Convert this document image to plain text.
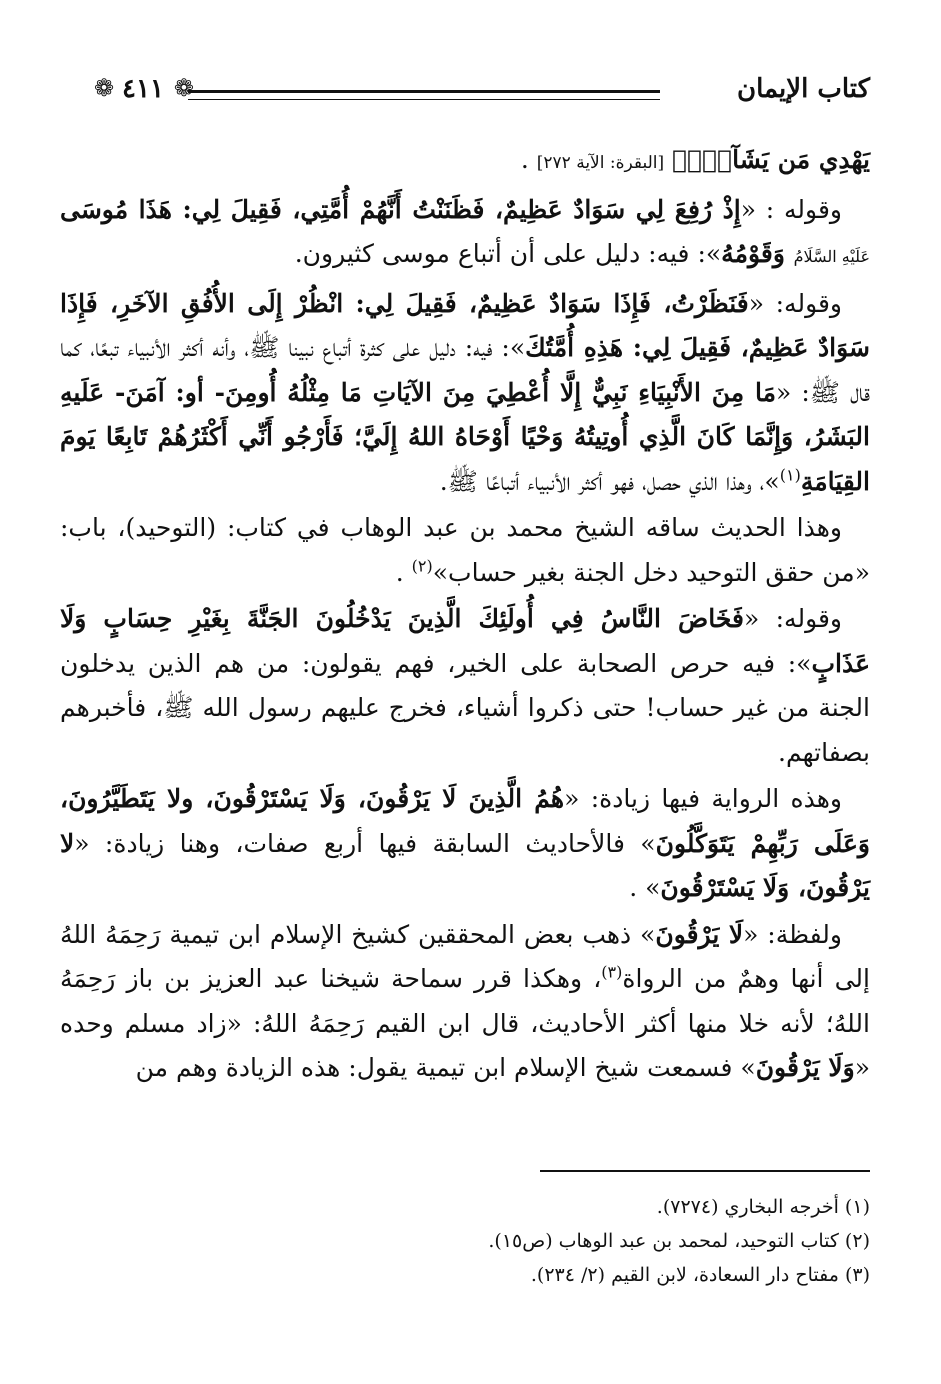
كتاب الإيمان
❁ ٤١١ ❁

يَهْدِي مَن يَشَآءُۗ﴾ [البقرة: الآية ٢٧٢] .

وقوله : «إِذْ رُفِعَ لِي سَوَادٌ عَظِيمٌ، فَظَنَنْتُ أَنَّهُمْ أُمَّتِي، فَقِيلَ لِي: هَذَا مُوسَى عَلَيْهِ السَّلَامُ وَقَوْمُهُ»: فيه: دليل على أن أتباع موسى كثيرون.

وقوله: «فَنَظَرْتُ، فَإِذَا سَوَادٌ عَظِيمٌ، فَقِيلَ لِي: انْظُرْ إِلَى الأُفُقِ الآخَرِ، فَإِذَا سَوَادٌ عَظِيمٌ، فَقِيلَ لِي: هَذِهِ أُمَّتُكَ»: فيه: دليل على كثرة أتباع نبينا ﷺ، وأنه أكثر الأنبياء تبعًا، كما قال ﷺ: «مَا مِنَ الأَنْبِيَاءِ نَبِيٌّ إِلَّا أُعْطِيَ مِنَ الآيَاتِ مَا مِثْلُهُ أُومِنَ- أو: آمَنَ- عَلَيهِ البَشَرُ، وَإِنَّمَا كَانَ الَّذِي أُوتِيتُهُ وَحْيًا أَوْحَاهُ اللهُ إِلَيَّ؛ فَأَرْجُو أَنِّي أَكْثَرُهُمْ تَابِعًا يَومَ القِيَامَةِ$^{(١)}$»، وهذا الذي حصل، فهو أكثر الأنبياء أتباعًا ﷺ.

وهذا الحديث ساقه الشيخ محمد بن عبد الوهاب في كتاب: (التوحيد)، باب: «من حقق التوحيد دخل الجنة بغير حساب»$^{(٢)}$ .

وقوله: «فَخَاضَ النَّاسُ فِي أُولَئِكَ الَّذِينَ يَدْخُلُونَ الجَنَّةَ بِغَيْرِ حِسَابٍ وَلَا عَذَابٍ»: فيه حرص الصحابة على الخير، فهم يقولون: من هم الذين يدخلون الجنة من غير حساب! حتى ذكروا أشياء، فخرج عليهم رسول الله ﷺ، فأخبرهم بصفاتهم.

وهذه الرواية فيها زيادة: «هُمُ الَّذِينَ لَا يَرْقُونَ، وَلَا يَسْتَرْقُونَ، ولا يَتَطَيَّرُونَ، وَعَلَى رَبِّهِمْ يَتَوَكَّلُونَ» فالأحاديث السابقة فيها أربع صفات، وهنا زيادة: «لا يَرْقُونَ، وَلَا يَسْتَرْقُونَ» .

ولفظة: «لَا يَرْقُونَ» ذهب بعض المحققين كشيخ الإسلام ابن تيمية رَحِمَهُ اللهُ إلى أنها وهمٌ من الرواة$^{(٣)}$، وهكذا قرر سماحة شيخنا عبد العزيز بن باز رَحِمَهُ اللهُ؛ لأنه خلا منها أكثر الأحاديث، قال ابن القيم رَحِمَهُ اللهُ: «زاد مسلم وحده «وَلَا يَرْقُونَ» فسمعت شيخ الإسلام ابن تيمية يقول: هذه الزيادة وهم من

(١) أخرجه البخاري (٧٢٧٤).
(٢) كتاب التوحيد، لمحمد بن عبد الوهاب (ص١٥).
(٣) مفتاح دار السعادة، لابن القيم (٢/ ٢٣٤).
